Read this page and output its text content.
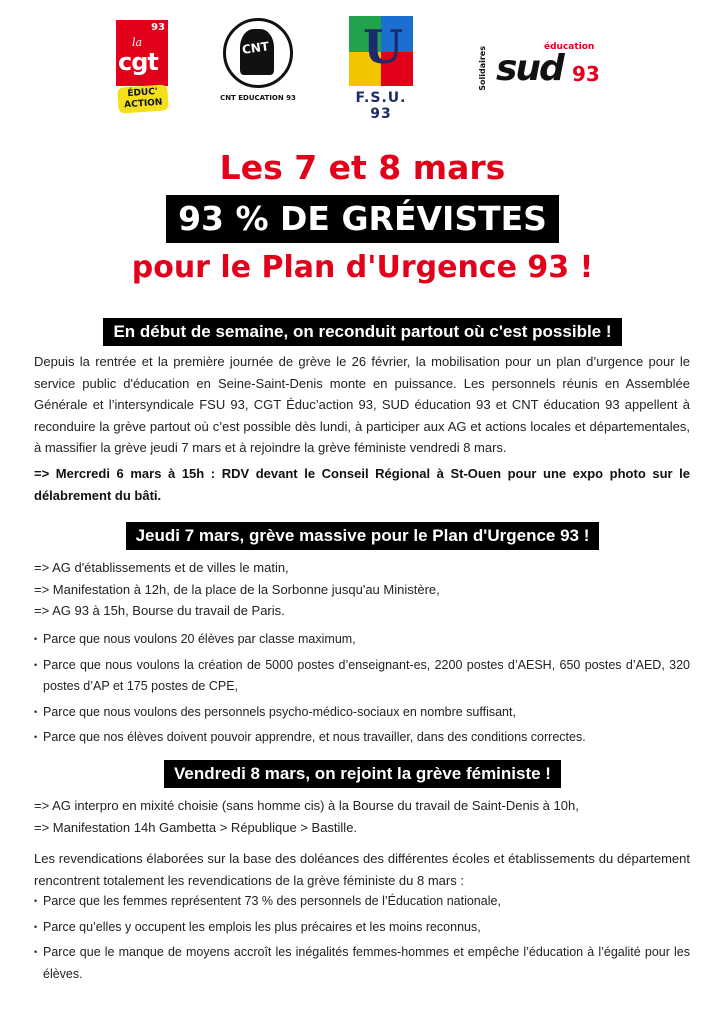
93
la
cgt
ÉDUC' ACTION
CNT
CNT EDUCATION 93
U
F.S.U. 93
Solidaires	éducation
sud 93
Les 7 et 8 mars
93 % DE GRÉVISTES
pour le Plan d'Urgence 93 !
En début de semaine, on reconduit partout où c'est possible !

Depuis la rentrée et la première journée de grève le 26 février, la mobilisation pour un plan d’urgence pour le service public d'éducation en Seine-Saint-Denis monte en puissance. Les personnels réunis en Assemblée Générale et l’intersyndicale FSU 93, CGT Éduc’action 93, SUD éducation 93 et CNT éducation 93 appellent à reconduire la grève partout où c’est possible dès lundi, à participer aux AG et actions locales et départementales, à massifier la grève jeudi 7 mars et à rejoindre la grève féministe vendredi 8 mars.

=> Mercredi 6 mars à 15h : RDV devant le Conseil Régional à St-Ouen pour une expo photo sur le délabrement du bâti.

Jeudi 7 mars, grève massive pour le Plan d'Urgence 93 !
=> AG d'établissements et de villes le matin,
=> Manifestation à 12h, de la place de la Sorbonne jusqu'au Ministère,
=> AG 93 à 15h, Bourse du travail de Paris.
• Parce que nous voulons 20 élèves par classe maximum,
• Parce que nous voulons la création de 5000 postes d’enseignant-es, 2200 postes d’AESH, 650 postes d’AED, 320 postes d’AP et 175 postes de CPE,
• Parce que nous voulons des personnels psycho-médico-sociaux en nombre suffisant,
• Parce que nos élèves doivent pouvoir apprendre, et nous travailler, dans des conditions correctes.
Vendredi 8 mars, on rejoint la grève féministe !
=> AG interpro en mixité choisie (sans homme cis) à la Bourse du travail de Saint-Denis à 10h,
=> Manifestation 14h Gambetta > République > Bastille.

Les revendications élaborées sur la base des doléances des différentes écoles et établissements du département rencontrent totalement les revendications de la grève féministe du 8 mars :

• Parce que les femmes représentent 73 % des personnels de l’Éducation nationale,
• Parce qu’elles y occupent les emplois les plus précaires et les moins reconnus,
• Parce que le manque de moyens accroît les inégalités femmes-hommes et empêche l’éducation à l’égalité pour les élèves.
